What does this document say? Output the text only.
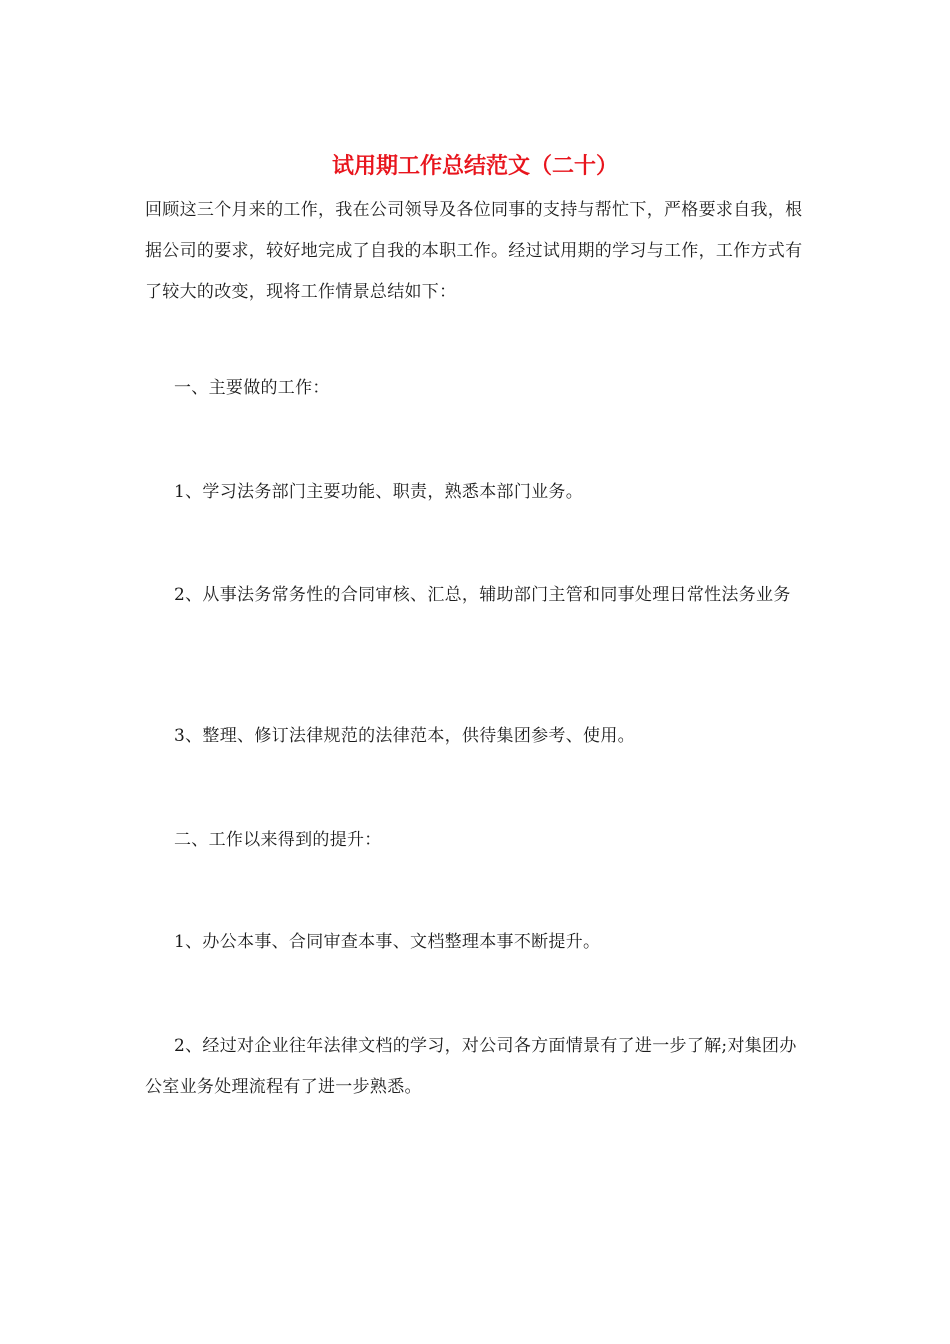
试用期工作总结范文（二十）

回顾这三个月来的工作，我在公司领导及各位同事的支持与帮忙下，严格要求自我，根据公司的要求，较好地完成了自我的本职工作。经过试用期的学习与工作，工作方式有了较大的改变，现将工作情景总结如下：

一、主要做的工作：

1、学习法务部门主要功能、职责，熟悉本部门业务。

2、从事法务常务性的合同审核、汇总，辅助部门主管和同事处理日常性法务业务

3、整理、修订法律规范的法律范本，供待集团参考、使用。

二、工作以来得到的提升：

1、办公本事、合同审查本事、文档整理本事不断提升。

2、经过对企业往年法律文档的学习，对公司各方面情景有了进一步了解;对集团办公室业务处理流程有了进一步熟悉。
